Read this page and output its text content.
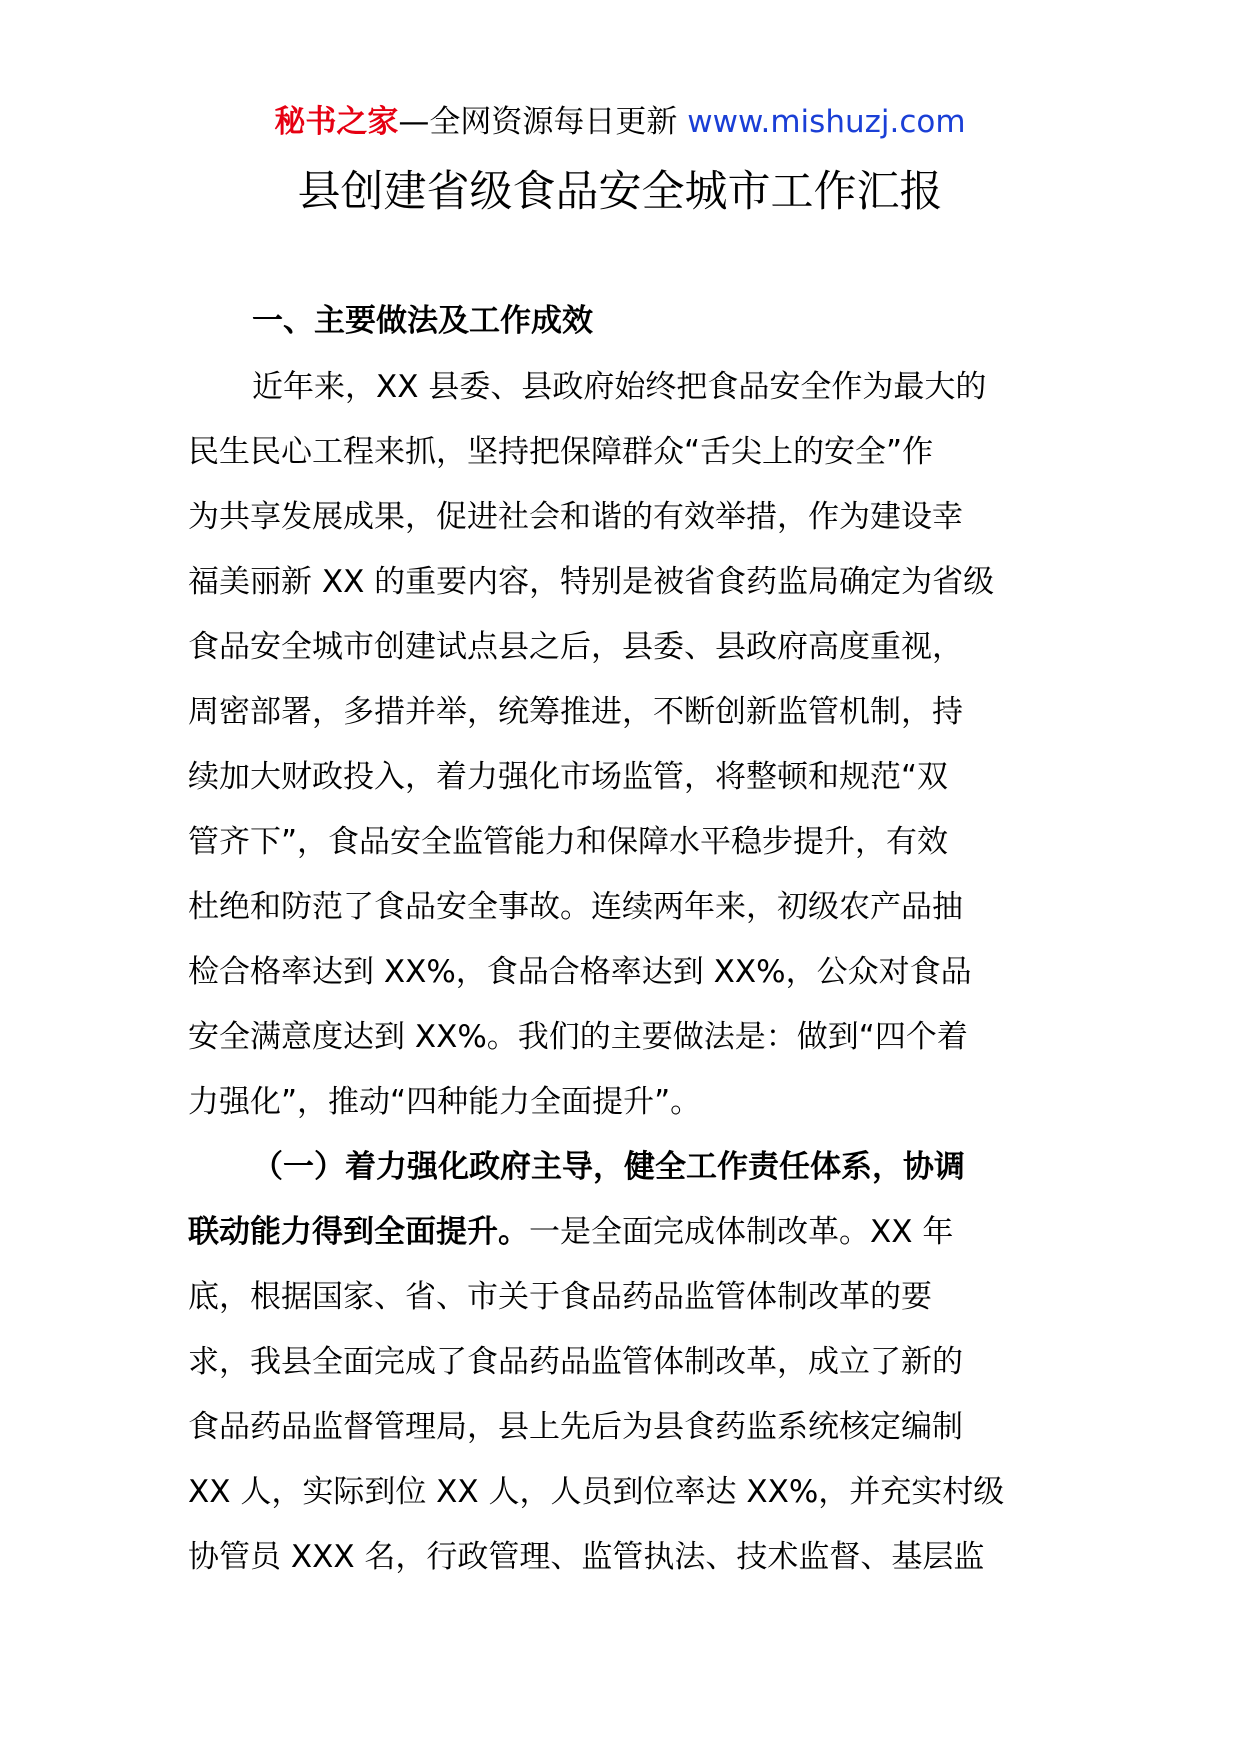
秘书之家—全网资源每日更新 www.mishuzj.com
县创建省级食品安全城市工作汇报
一、主要做法及工作成效
近年来，XX 县委、县政府始终把食品安全作为最大的
民生民心工程来抓，坚持把保障群众“舌尖上的安全”作
为共享发展成果，促进社会和谐的有效举措，作为建设幸
福美丽新 XX 的重要内容，特别是被省食药监局确定为省级
食品安全城市创建试点县之后，县委、县政府高度重视，
周密部署，多措并举，统筹推进，不断创新监管机制，持
续加大财政投入，着力强化市场监管，将整顿和规范“双
管齐下”，食品安全监管能力和保障水平稳步提升，有效
杜绝和防范了食品安全事故。连续两年来，初级农产品抽
检合格率达到 XX%，食品合格率达到 XX%，公众对食品
安全满意度达到 XX%。我们的主要做法是：做到“四个着
力强化”，推动“四种能力全面提升”。
（一）着力强化政府主导，健全工作责任体系，协调
联动能力得到全面提升。一是全面完成体制改革。XX 年
底，根据国家、省、市关于食品药品监管体制改革的要
求，我县全面完成了食品药品监管体制改革，成立了新的
食品药品监督管理局，县上先后为县食药监系统核定编制
XX 人，实际到位 XX 人，人员到位率达 XX%，并充实村级
协管员 XXX 名，行政管理、监管执法、技术监督、基层监
